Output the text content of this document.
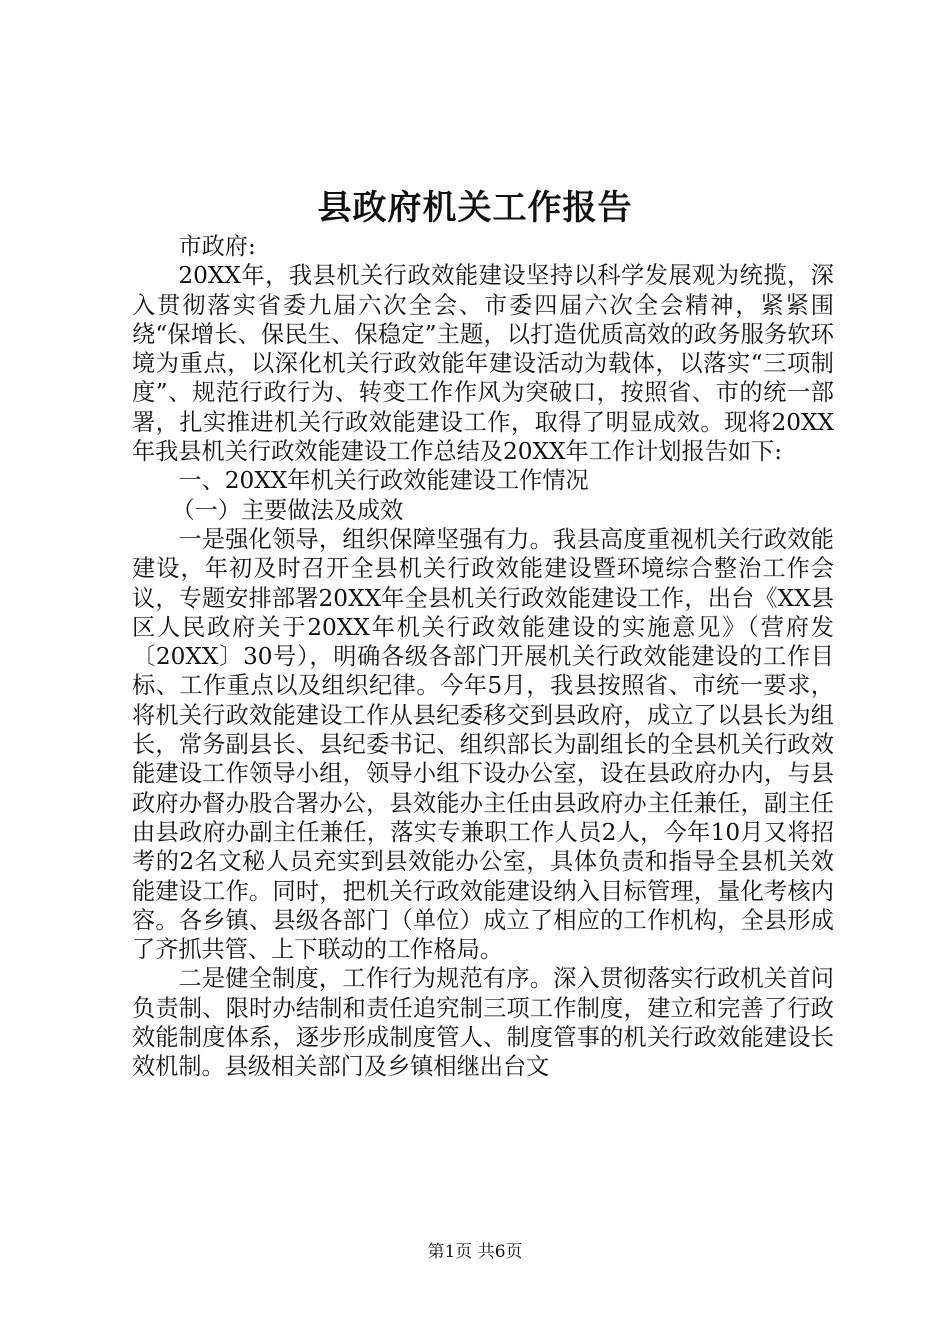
县政府机关工作报告

市政府:

20XX年，我县机关行政效能建设坚持以科学发展观为统揽，深入贯彻落实省委九届六次全会、市委四届六次全会精神，紧紧围绕“保增长、保民生、保稳定”主题，以打造优质高效的政务服务软环境为重点，以深化机关行政效能年建设活动为载体，以落实“三项制度”、规范行政行为、转变工作作风为突破口，按照省、市的统一部署，扎实推进机关行政效能建设工作，取得了明显成效。现将20XX年我县机关行政效能建设工作总结及20XX年工作计划报告如下:

一、20XX年机关行政效能建设工作情况

（一）主要做法及成效

一是强化领导，组织保障坚强有力。我县高度重视机关行政效能建设，年初及时召开全县机关行政效能建设暨环境综合整治工作会议，专题安排部署20XX年全县机关行政效能建设工作，出台《XX县区人民政府关于20XX年机关行政效能建设的实施意见》（营府发〔20XX〕30号），明确各级各部门开展机关行政效能建设的工作目标、工作重点以及组织纪律。今年5月，我县按照省、市统一要求，将机关行政效能建设工作从县纪委移交到县政府，成立了以县长为组长，常务副县长、县纪委书记、组织部长为副组长的全县机关行政效能建设工作领导小组，领导小组下设办公室，设在县政府办内，与县政府办督办股合署办公，县效能办主任由县政府办主任兼任，副主任由县政府办副主任兼任，落实专兼职工作人员2人，今年10月又将招考的2名文秘人员充实到县效能办公室，具体负责和指导全县机关效能建设工作。同时，把机关行政效能建设纳入目标管理，量化考核内容。各乡镇、县级各部门（单位）成立了相应的工作机构，全县形成了齐抓共管、上下联动的工作格局。

二是健全制度，工作行为规范有序。深入贯彻落实行政机关首问负责制、限时办结制和责任追究制三项工作制度，建立和完善了行政效能制度体系，逐步形成制度管人、制度管事的机关行政效能建设长效机制。县级相关部门及乡镇相继出台文

第1页 共6页
